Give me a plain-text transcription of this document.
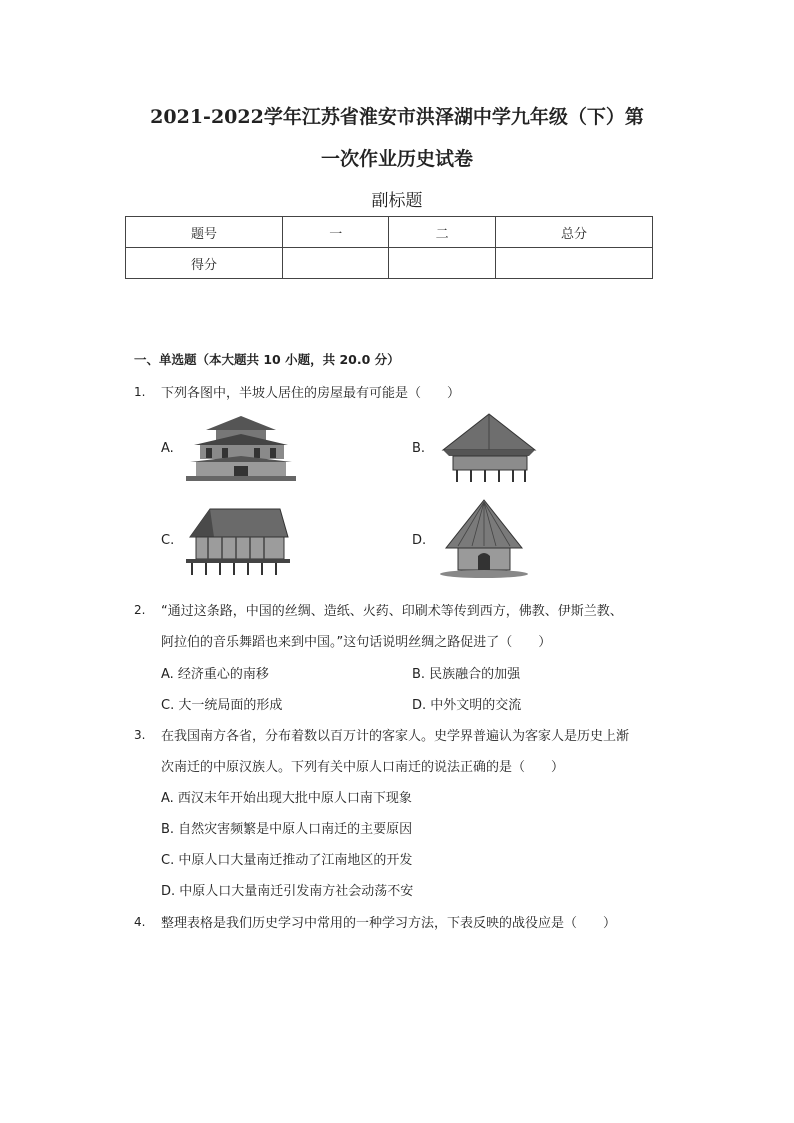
2021-2022学年江苏省淮安市洪泽湖中学九年级（下）第
一次作业历史试卷
副标题
题号	一	二	总分
得分			
一、单选题（本大题共 10 小题，共 20.0 分）
1. 下列各图中，半坡人居住的房屋最有可能是（　　）
A.	B.
C.	D.
2. “通过这条路，中国的丝绸、造纸、火药、印刷术等传到西方，佛教、伊斯兰教、
阿拉伯的音乐舞蹈也来到中国。”这句话说明丝绸之路促进了（　　）
A. 经济重心的南移	B. 民族融合的加强
C. 大一统局面的形成	D. 中外文明的交流
3. 在我国南方各省，分布着数以百万计的客家人。史学界普遍认为客家人是历史上渐
次南迁的中原汉族人。下列有关中原人口南迁的说法正确的是（　　）
A. 西汉末年开始出现大批中原人口南下现象
B. 自然灾害频繁是中原人口南迁的主要原因
C. 中原人口大量南迁推动了江南地区的开发
D. 中原人口大量南迁引发南方社会动荡不安
4. 整理表格是我们历史学习中常用的一种学习方法，下表反映的战役应是（　　）
